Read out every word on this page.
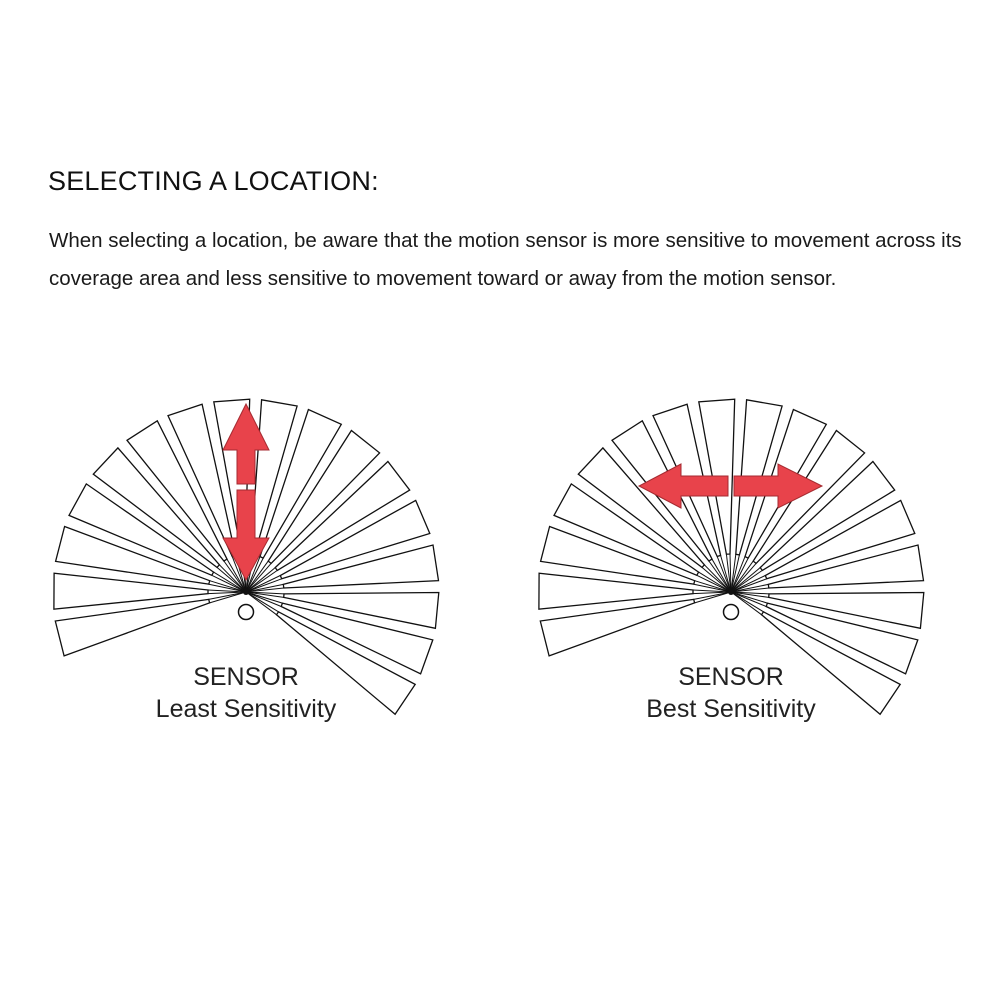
SELECTING A LOCATION:

When selecting a location, be aware that the motion sensor is more sensitive to movement across its coverage area and less sensitive to movement toward or away from the motion sensor.

SENSOR
Least Sensitivity
SENSOR
Best Sensitivity
